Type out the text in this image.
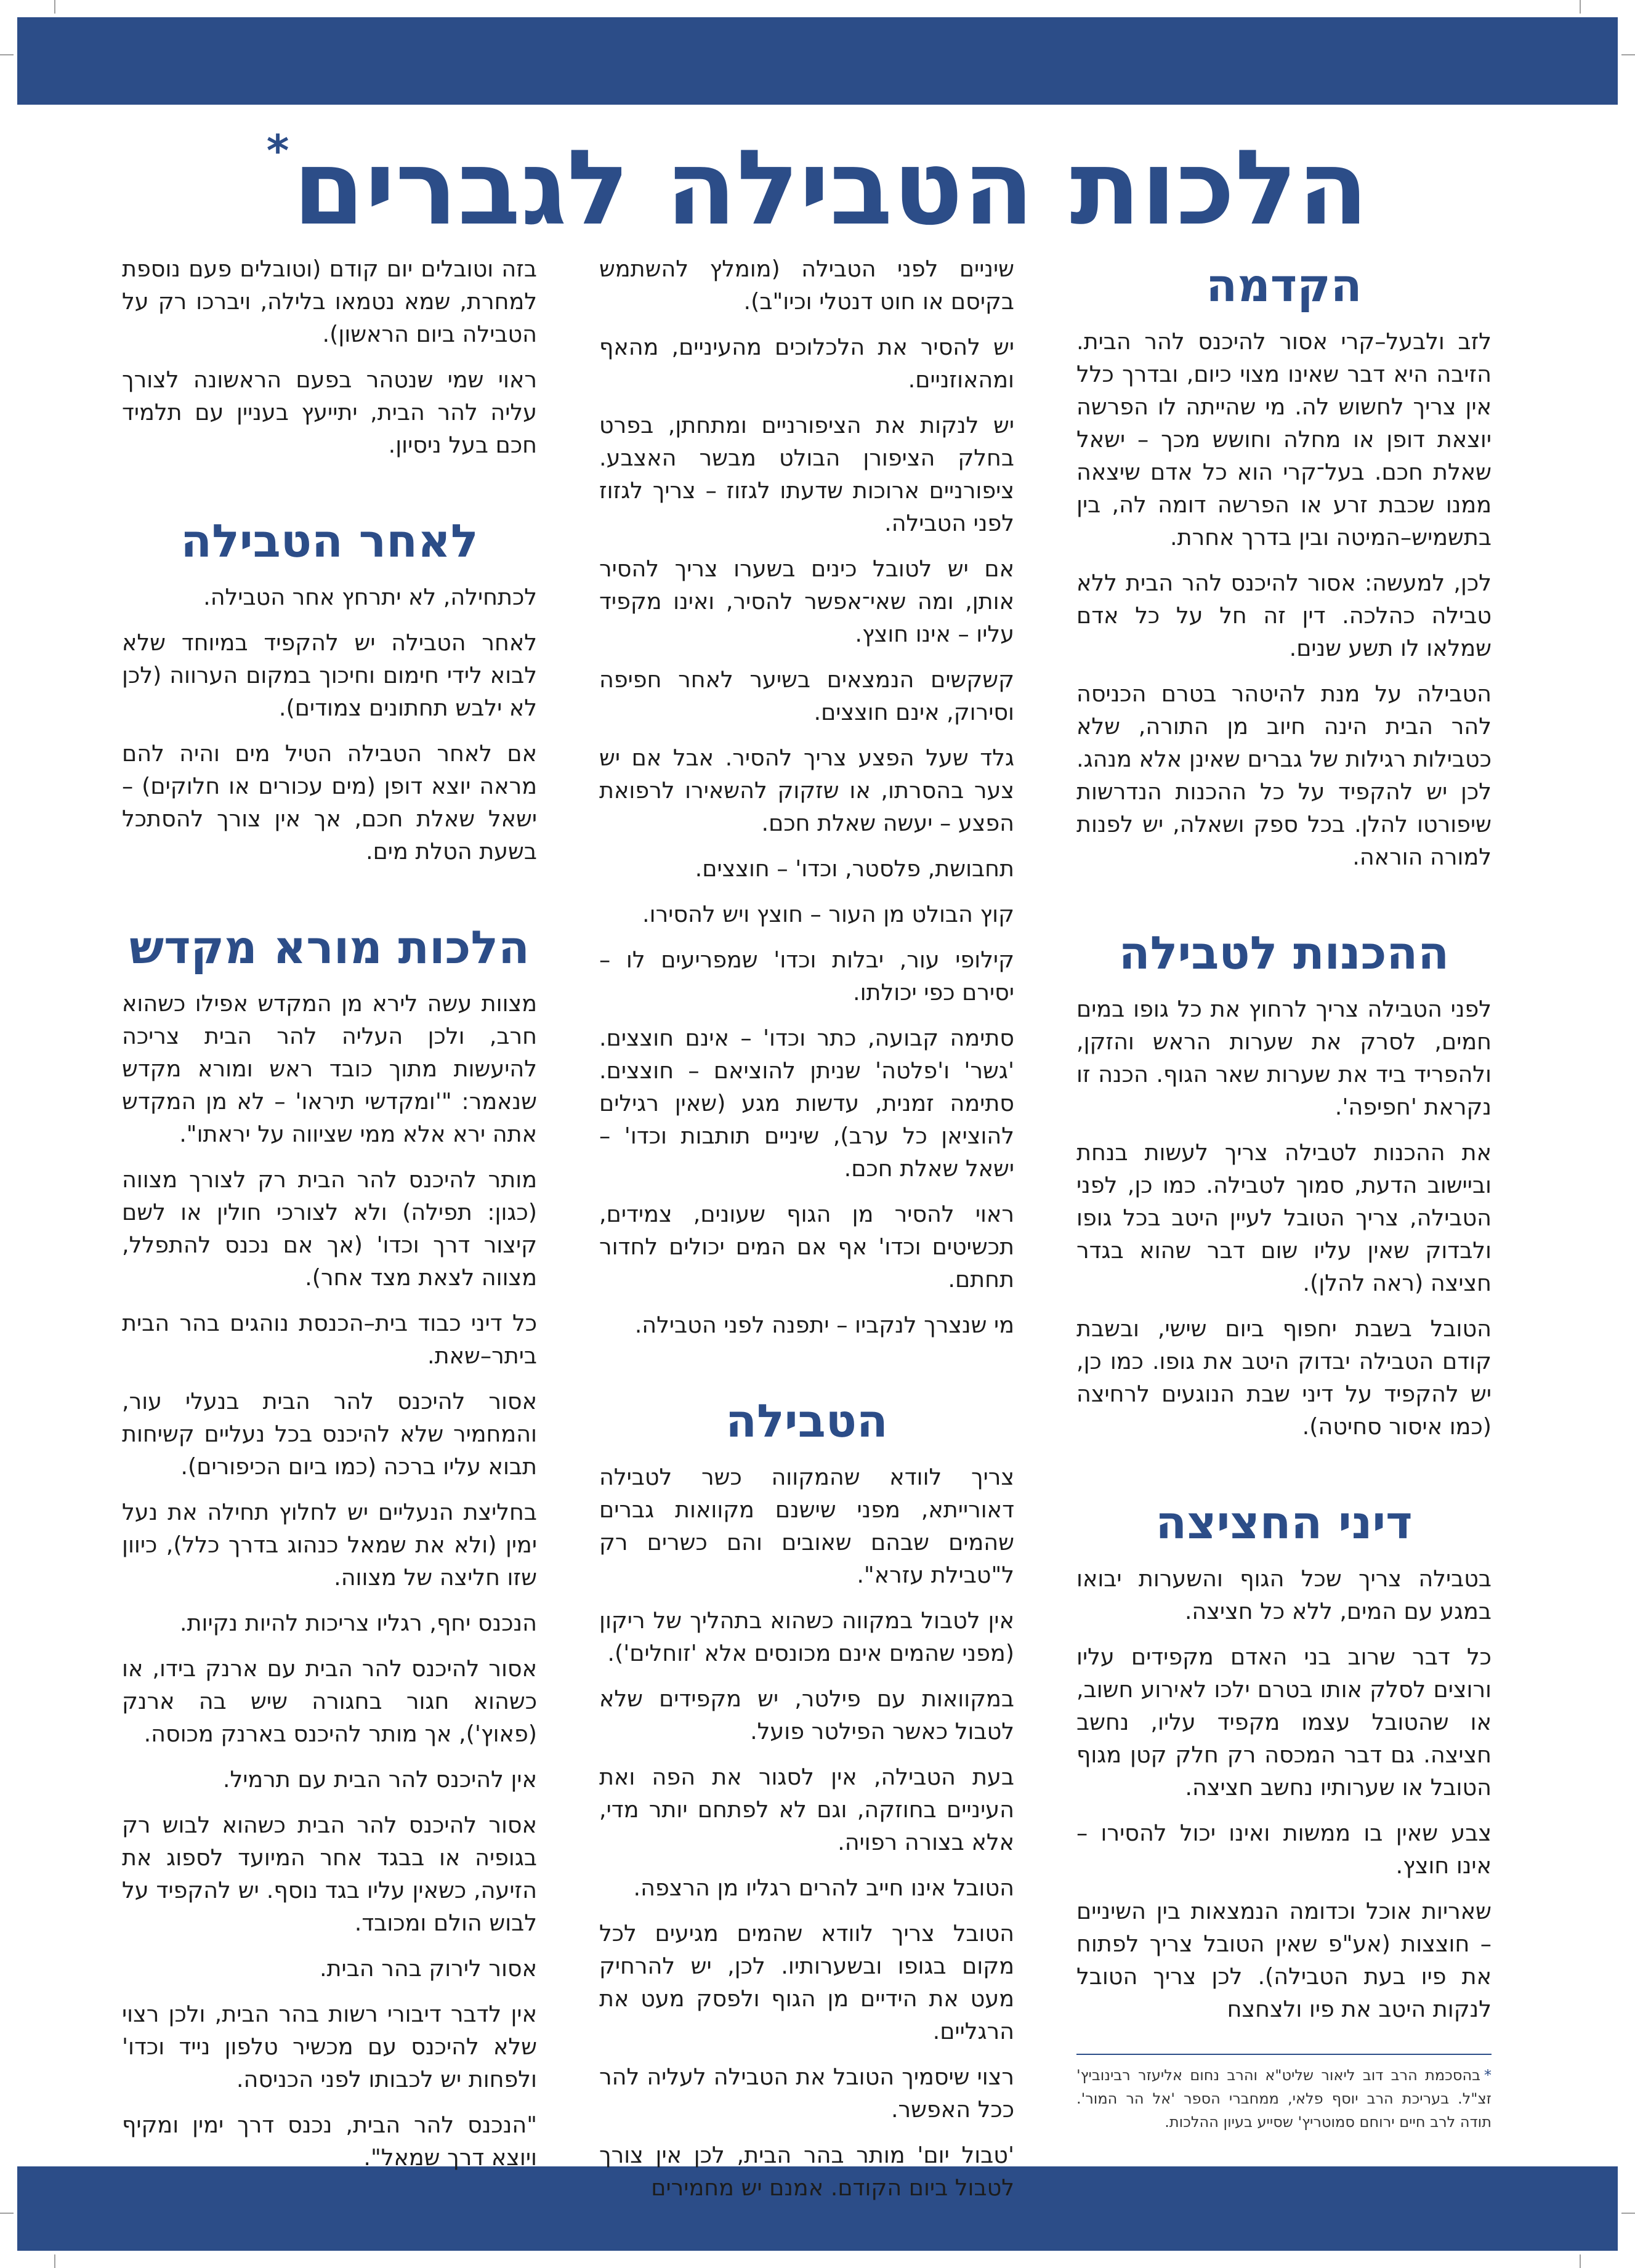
הלכות הטבילה לגברים*
הקדמה

לזב ולבעל–קרי אסור להיכנס להר הבית. הזיבה היא דבר שאינו מצוי כיום, ובדרך כלל אין צריך לחשוש לה. מי שהייתה לו הפרשה יוצאת דופן או מחלה וחושש מכך – ישאל שאלת חכם. בעל־קרי הוא כל אדם שיצאה ממנו שכבת זרע או הפרשה דומה לה, בין בתשמיש–המיטה ובין בדרך אחרת.

לכן, למעשה: אסור להיכנס להר הבית ללא טבילה כהלכה. דין זה חל על כל אדם שמלאו לו תשע שנים.

הטבילה על מנת להיטהר בטרם הכניסה להר הבית הינה חיוב מן התורה, שלא כטבילות רגילות של גברים שאינן אלא מנהג. לכן יש להקפיד על כל ההכנות הנדרשות שיפורטו להלן. בכל ספק ושאלה, יש לפנות למורה הוראה.

ההכנות לטבילה

לפני הטבילה צריך לרחוץ את כל גופו במים חמים, לסרק את שערות הראש והזקן, ולהפריד ביד את שערות שאר הגוף. הכנה זו נקראת 'חפיפה'.

את ההכנות לטבילה צריך לעשות בנחת וביישוב הדעת, סמוך לטבילה. כמו כן, לפני הטבילה, צריך הטובל לעיין היטב בכל גופו ולבדוק שאין עליו שום דבר שהוא בגדר חציצה (ראה להלן).

הטובל בשבת יחפוף ביום שישי, ובשבת קודם הטבילה יבדוק היטב את גופו. כמו כן, יש להקפיד על דיני שבת הנוגעים לרחיצה (כמו איסור סחיטה).

דיני החציצה

בטבילה צריך שכל הגוף והשערות יבואו במגע עם המים, ללא כל חציצה.

כל דבר שרוב בני האדם מקפידים עליו ורוצים לסלק אותו בטרם ילכו לאירוע חשוב, או שהטובל עצמו מקפיד עליו, נחשב חציצה. גם דבר המכסה רק חלק קטן מגוף הטובל או שערותיו נחשב חציצה.

צבע שאין בו ממשות ואינו יכול להסירו – אינו חוצץ.

שאריות אוכל וכדומה הנמצאות בין השיניים – חוצצות (אע"פ שאין הטובל צריך לפתוח את פיו בעת הטבילה). לכן צריך הטובל לנקות היטב את פיו ולצחצח

*בהסכמת הרב דוב ליאור שליט"א והרב נחום אליעזר רבינוביץ' זצ"ל. בעריכת הרב יוסף פלאי, ממחברי הספר 'אל הר המור'. תודה לרב חיים ירוחם סמוטריץ' שסייע בעיון ההלכות.

שיניים לפני הטבילה (מומלץ להשתמש בקיסם או חוט דנטלי וכיו"ב).

יש להסיר את הלכלוכים מהעיניים, מהאף ומהאוזניים.

יש לנקות את הציפורניים ומתחתן, בפרט בחלק הציפורן הבולט מבשר האצבע. ציפורניים ארוכות שדעתו לגזוז – צריך לגזוז לפני הטבילה.

אם יש לטובל כינים בשערו צריך להסיר אותן, ומה שאי־אפשר להסיר, ואינו מקפיד עליו – אינו חוצץ.

קשקשים הנמצאים בשיער לאחר חפיפה וסירוק, אינם חוצצים.

גלד שעל הפצע צריך להסיר. אבל אם יש צער בהסרתו, או שזקוק להשאירו לרפואת הפצע – יעשה שאלת חכם.

תחבושת, פלסטר, וכדו' – חוצצים.

קוץ הבולט מן העור – חוצץ ויש להסירו.

קילופי עור, יבלות וכדו' שמפריעים לו – יסירם כפי יכולתו.

סתימה קבועה, כתר וכדו' – אינם חוצצים. 'גשר' ו'פלטה' שניתן להוציאם – חוצצים. סתימה זמנית, עדשות מגע (שאין רגילים להוציאן כל ערב), שיניים תותבות וכדו' – ישאל שאלת חכם.

ראוי להסיר מן הגוף שעונים, צמידים, תכשיטים וכדו' אף אם המים יכולים לחדור תחתם.

מי שנצרך לנקביו – יתפנה לפני הטבילה.

הטבילה

צריך לוודא שהמקווה כשר לטבילה דאורייתא, מפני שישנם מקוואות גברים שהמים שבהם שאובים והם כשרים רק ל"טבילת עזרא".

אין לטבול במקווה כשהוא בתהליך של ריקון (מפני שהמים אינם מכונסים אלא 'זוחלים').

במקוואות עם פילטר, יש מקפידים שלא לטבול כאשר הפילטר פועל.

בעת הטבילה, אין לסגור את הפה ואת העיניים בחוזקה, וגם לא לפתחם יותר מדי, אלא בצורה רפויה.

הטובל אינו חייב להרים רגליו מן הרצפה.

הטובל צריך לוודא שהמים מגיעים לכל מקום בגופו ובשערותיו. לכן, יש להרחיק מעט את הידיים מן הגוף ולפסק מעט את הרגליים.

רצוי שיסמיך הטובל את הטבילה לעליה להר ככל האפשר.

'טבול יום' מותר בהר הבית, לכן אין צורך לטבול ביום הקודם. אמנם יש מחמירים

בזה וטובלים יום קודם (וטובלים פעם נוספת למחרת, שמא נטמאו בלילה, ויברכו רק על הטבילה ביום הראשון).

ראוי שמי שנטהר בפעם הראשונה לצורך עליה להר הבית, יתייעץ בעניין עם תלמיד חכם בעל ניסיון.

לאחר הטבילה

לכתחילה, לא יתרחץ אחר הטבילה.

לאחר הטבילה יש להקפיד במיוחד שלא לבוא לידי חימום וחיכוך במקום הערווה (לכן לא ילבש תחתונים צמודים).

אם לאחר הטבילה הטיל מים והיה להם מראה יוצא דופן (מים עכורים או חלוקים) – ישאל שאלת חכם, אך אין צורך להסתכל בשעת הטלת מים.

הלכות מורא מקדש

מצוות עשה לירא מן המקדש אפילו כשהוא חרב, ולכן העליה להר הבית צריכה להיעשות מתוך כובד ראש ומורא מקדש שנאמר: "'ומקדשי תיראו' – לא מן המקדש אתה ירא אלא ממי שציווה על יראתו".

מותר להיכנס להר הבית רק לצורך מצווה (כגון: תפילה) ולא לצורכי חולין או לשם קיצור דרך וכדו' (אך אם נכנס להתפלל, מצווה לצאת מצד אחר).

כל דיני כבוד בית–הכנסת נוהגים בהר הבית ביתר–שאת.

אסור להיכנס להר הבית בנעלי עור, והמחמיר שלא להיכנס בכל נעליים קשיחות תבוא עליו ברכה (כמו ביום הכיפורים).

בחליצת הנעליים יש לחלוץ תחילה את נעל ימין (ולא את שמאל כנהוג בדרך כלל), כיוון שזו חליצה של מצווה.

הנכנס יחף, רגליו צריכות להיות נקיות.

אסור להיכנס להר הבית עם ארנק בידו, או כשהוא חגור בחגורה שיש בה ארנק (פאוץ'), אך מותר להיכנס בארנק מכוסה.

אין להיכנס להר הבית עם תרמיל.

אסור להיכנס להר הבית כשהוא לבוש רק בגופיה או בבגד אחר המיועד לספוג את הזיעה, כשאין עליו בגד נוסף. יש להקפיד על לבוש הולם ומכובד.

אסור לירוק בהר הבית.

אין לדבר דיבורי רשות בהר הבית, ולכן רצוי שלא להיכנס עם מכשיר טלפון נייד וכדו' ולפחות יש לכבותו לפני הכניסה.

"הנכנס להר הבית, נכנס דרך ימין ומקיף ויוצא דרך שמאל".
